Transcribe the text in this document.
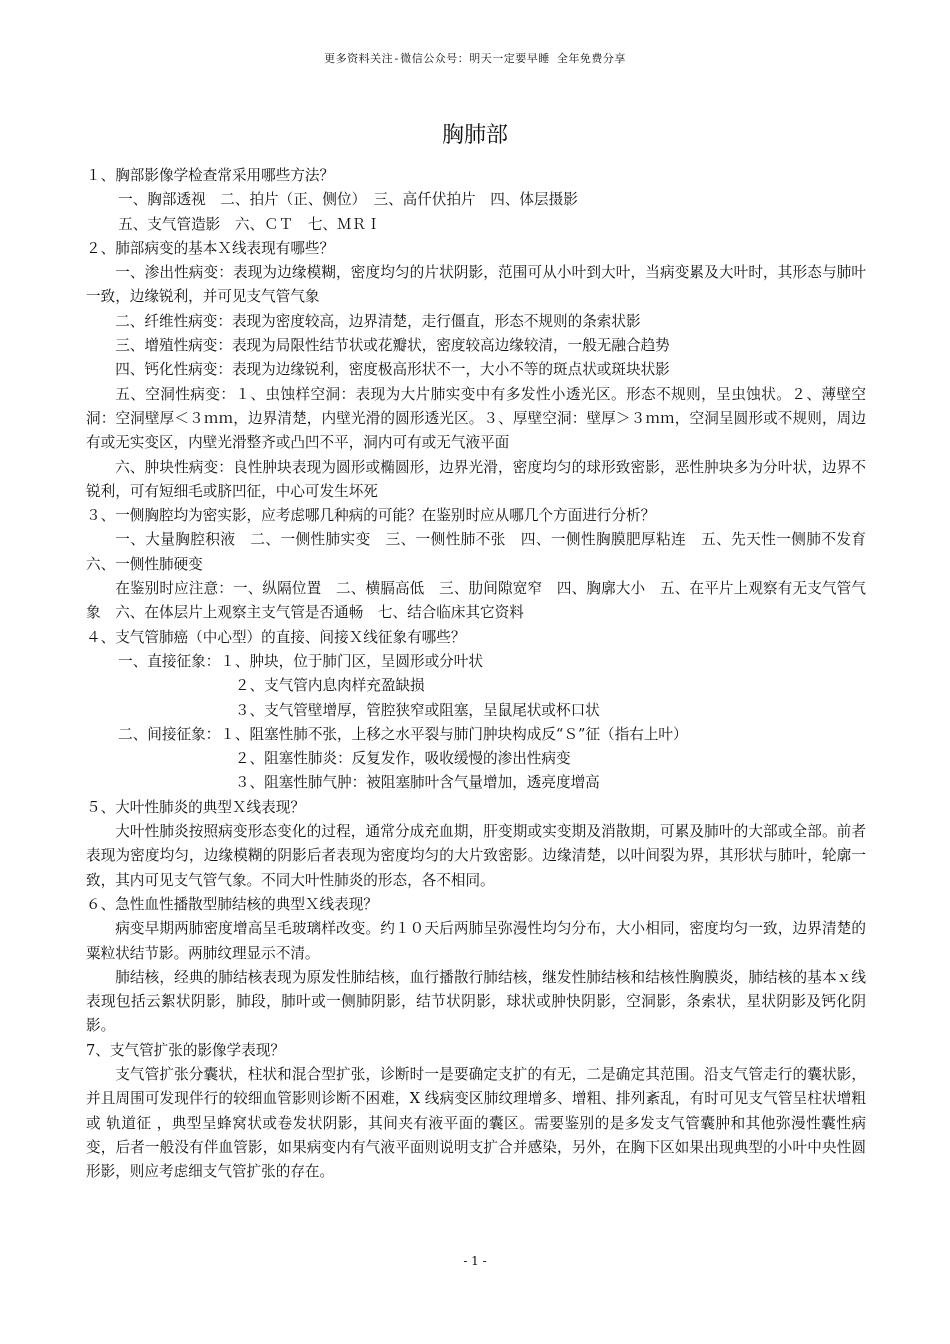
更多资料关注-微信公众号：明天一定要早睡 全年免费分享
胸肺部

１、胸部影像学检查常采用哪些方法？

一、胸部透视　二、拍片（正、侧位）　三、高仟伏拍片　四、体层摄影

五、支气管造影　六、ＣＴ　七、ＭＲＩ

２、肺部病变的基本Ｘ线表现有哪些？

一、渗出性病变：表现为边缘模糊，密度均匀的片状阴影，范围可从小叶到大叶，当病变累及大叶时，其形态与肺叶一致，边缘锐利，并可见支气管气象

二、纤维性病变：表现为密度较高，边界清楚，走行僵直，形态不规则的条索状影

三、增殖性病变：表现为局限性结节状或花瓣状，密度较高边缘较清，一般无融合趋势

四、钙化性病变：表现为边缘锐利，密度极高形状不一，大小不等的斑点状或斑块状影

五、空洞性病变：１、虫蚀样空洞：表现为大片肺实变中有多发性小透光区。形态不规则，呈虫蚀状。２、薄壁空洞：空洞壁厚＜３ｍｍ，边界清楚，内壁光滑的圆形透光区。３、厚壁空洞：壁厚＞３ｍｍ，空洞呈圆形或不规则，周边有或无实变区，内壁光滑整齐或凸凹不平，洞内可有或无气液平面

六、肿块性病变：良性肿块表现为圆形或椭圆形，边界光滑，密度均匀的球形致密影，恶性肿块多为分叶状，边界不锐利，可有短细毛或脐凹征，中心可发生坏死

３、一侧胸腔均为密实影，应考虑哪几种病的可能？在鉴别时应从哪几个方面进行分析？

一、大量胸腔积液　二、一侧性肺实变　三、一侧性肺不张　四、一侧性胸膜肥厚粘连　五、先天性一侧肺不发育　六、一侧性肺硬变

在鉴别时应注意：一、纵隔位置　二、横膈高低　三、肋间隙宽窄　四、胸廓大小　五、在平片上观察有无支气管气象　六、在体层片上观察主支气管是否通畅　七、结合临床其它资料

４、支气管肺癌（中心型）的直接、间接Ｘ线征象有哪些？

一、直接征象：１、肿块，位于肺门区，呈圆形或分叶状

２、支气管内息肉样充盈缺损

３、支气管壁增厚，管腔狭窄或阻塞，呈鼠尾状或杯口状

二、间接征象：１、阻塞性肺不张，上移之水平裂与肺门肿块构成反“Ｓ”征（指右上叶）

２、阻塞性肺炎：反复发作，吸收缓慢的渗出性病变

３、阻塞性肺气肿：被阻塞肺叶含气量增加，透亮度增高

５、大叶性肺炎的典型Ｘ线表现？

大叶性肺炎按照病变形态变化的过程，通常分成充血期，肝变期或实变期及消散期，可累及肺叶的大部或全部。前者表现为密度均匀，边缘模糊的阴影后者表现为密度均匀的大片致密影。边缘清楚，以叶间裂为界，其形状与肺叶，轮廓一致，其内可见支气管气象。不同大叶性肺炎的形态，各不相同。

６、急性血性播散型肺结核的典型Ｘ线表现？

病变早期两肺密度增高呈毛玻璃样改变。约１０天后两肺呈弥漫性均匀分布，大小相同，密度均匀一致，边界清楚的粟粒状结节影。两肺纹理显示不清。

肺结核，经典的肺结核表现为原发性肺结核，血行播散行肺结核，继发性肺结核和结核性胸膜炎，肺结核的基本ｘ线表现包括云絮状阴影，肺段，肺叶或一侧肺阴影，结节状阴影，球状或肿快阴影，空洞影，条索状，星状阴影及钙化阴影。

7、支气管扩张的影像学表现？

支气管扩张分囊状，柱状和混合型扩张，诊断时一是要确定支扩的有无，二是确定其范围。沿支气管走行的囊状影，并且周围可发现伴行的较细血管影则诊断不困难，X 线病变区肺纹理增多、增粗、排列紊乱，有时可见支气管呈柱状增粗或 轨道征 ，典型呈蜂窝状或卷发状阴影，其间夹有液平面的囊区。需要鉴别的是多发支气管囊肿和其他弥漫性囊性病变，后者一般没有伴血管影，如果病变内有气液平面则说明支扩合并感染，另外，在胸下区如果出现典型的小叶中央性圆形影，则应考虑细支气管扩张的存在。

- 1 -
